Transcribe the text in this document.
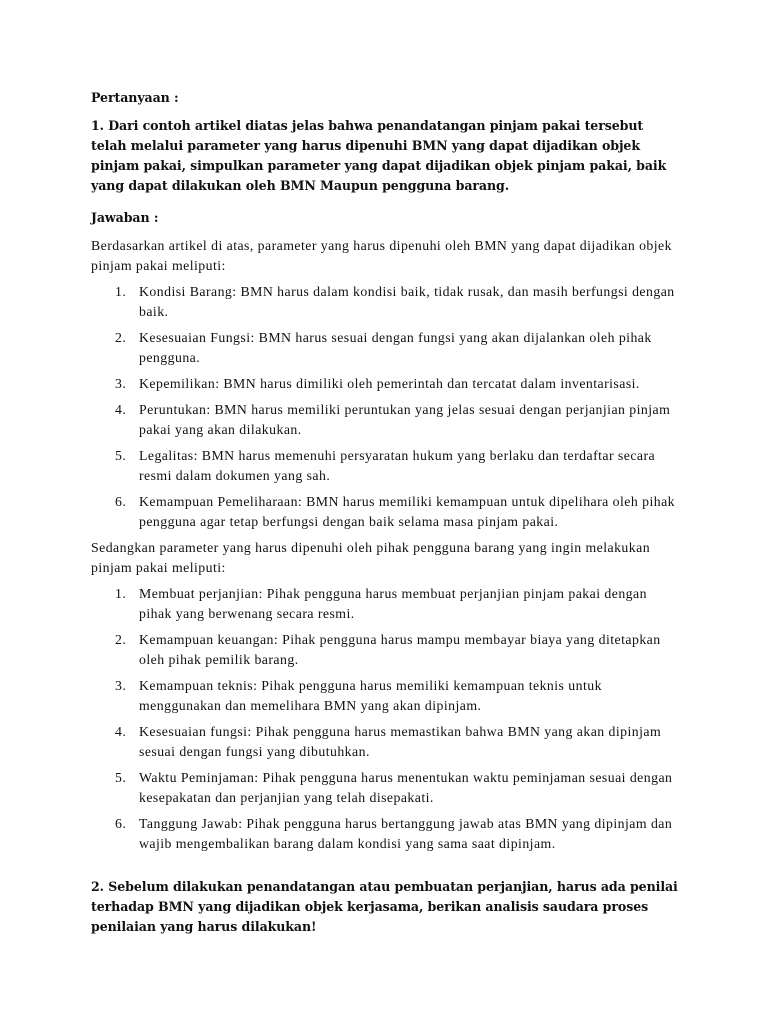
Pertanyaan :

1. Dari contoh artikel diatas jelas bahwa penandatangan pinjam pakai tersebut telah melalui parameter yang harus dipenuhi BMN yang dapat dijadikan objek pinjam pakai, simpulkan parameter yang dapat dijadikan objek pinjam pakai, baik yang dapat dilakukan oleh BMN Maupun pengguna barang.

Jawaban :

Berdasarkan artikel di atas, parameter yang harus dipenuhi oleh BMN yang dapat dijadikan objek pinjam pakai meliputi:

1. Kondisi Barang: BMN harus dalam kondisi baik, tidak rusak, dan masih berfungsi dengan baik.
2. Kesesuaian Fungsi: BMN harus sesuai dengan fungsi yang akan dijalankan oleh pihak pengguna.
3. Kepemilikan: BMN harus dimiliki oleh pemerintah dan tercatat dalam inventarisasi.
4. Peruntukan: BMN harus memiliki peruntukan yang jelas sesuai dengan perjanjian pinjam pakai yang akan dilakukan.
5. Legalitas: BMN harus memenuhi persyaratan hukum yang berlaku dan terdaftar secara resmi dalam dokumen yang sah.
6. Kemampuan Pemeliharaan: BMN harus memiliki kemampuan untuk dipelihara oleh pihak pengguna agar tetap berfungsi dengan baik selama masa pinjam pakai.

Sedangkan parameter yang harus dipenuhi oleh pihak pengguna barang yang ingin melakukan pinjam pakai meliputi:

1. Membuat perjanjian: Pihak pengguna harus membuat perjanjian pinjam pakai dengan pihak yang berwenang secara resmi.
2. Kemampuan keuangan: Pihak pengguna harus mampu membayar biaya yang ditetapkan oleh pihak pemilik barang.
3. Kemampuan teknis: Pihak pengguna harus memiliki kemampuan teknis untuk menggunakan dan memelihara BMN yang akan dipinjam.
4. Kesesuaian fungsi: Pihak pengguna harus memastikan bahwa BMN yang akan dipinjam sesuai dengan fungsi yang dibutuhkan.
5. Waktu Peminjaman: Pihak pengguna harus menentukan waktu peminjaman sesuai dengan kesepakatan dan perjanjian yang telah disepakati.
6. Tanggung Jawab: Pihak pengguna harus bertanggung jawab atas BMN yang dipinjam dan wajib mengembalikan barang dalam kondisi yang sama saat dipinjam.

2. Sebelum dilakukan penandatangan atau pembuatan perjanjian, harus ada penilai terhadap BMN yang dijadikan objek kerjasama, berikan analisis saudara proses penilaian yang harus dilakukan!
